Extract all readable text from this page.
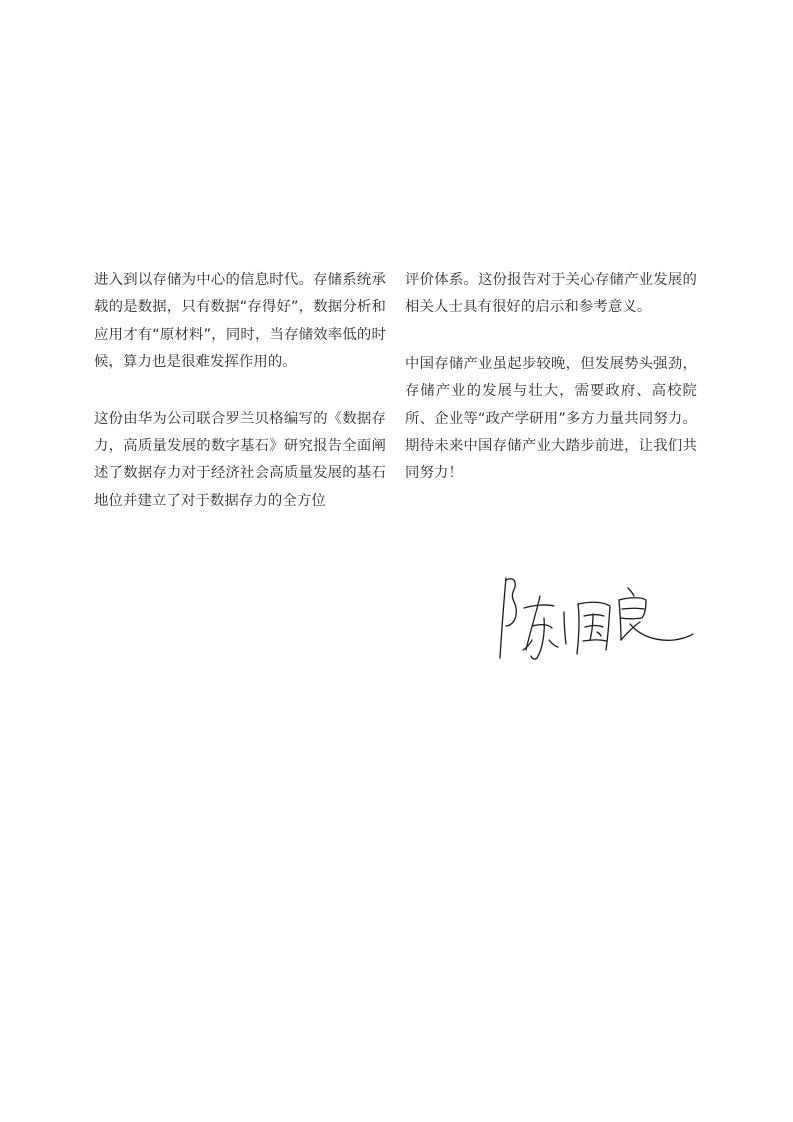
进入到以存储为中心的信息时代。存储系统承载的是数据，只有数据“存得好”，数据分析和应用才有“原材料”，同时，当存储效率低的时候，算力也是很难发挥作用的。

这份由华为公司联合罗兰贝格编写的《数据存力，高质量发展的数字基石》研究报告全面阐述了数据存力对于经济社会高质量发展的基石地位并建立了对于数据存力的全方位

评价体系。这份报告对于关心存储产业发展的相关人士具有很好的启示和参考意义。

中国存储产业虽起步较晚，但发展势头强劲，存储产业的发展与壮大，需要政府、高校院所、企业等“政产学研用”多方力量共同努力。期待未来中国存储产业大踏步前进，让我们共同努力！
